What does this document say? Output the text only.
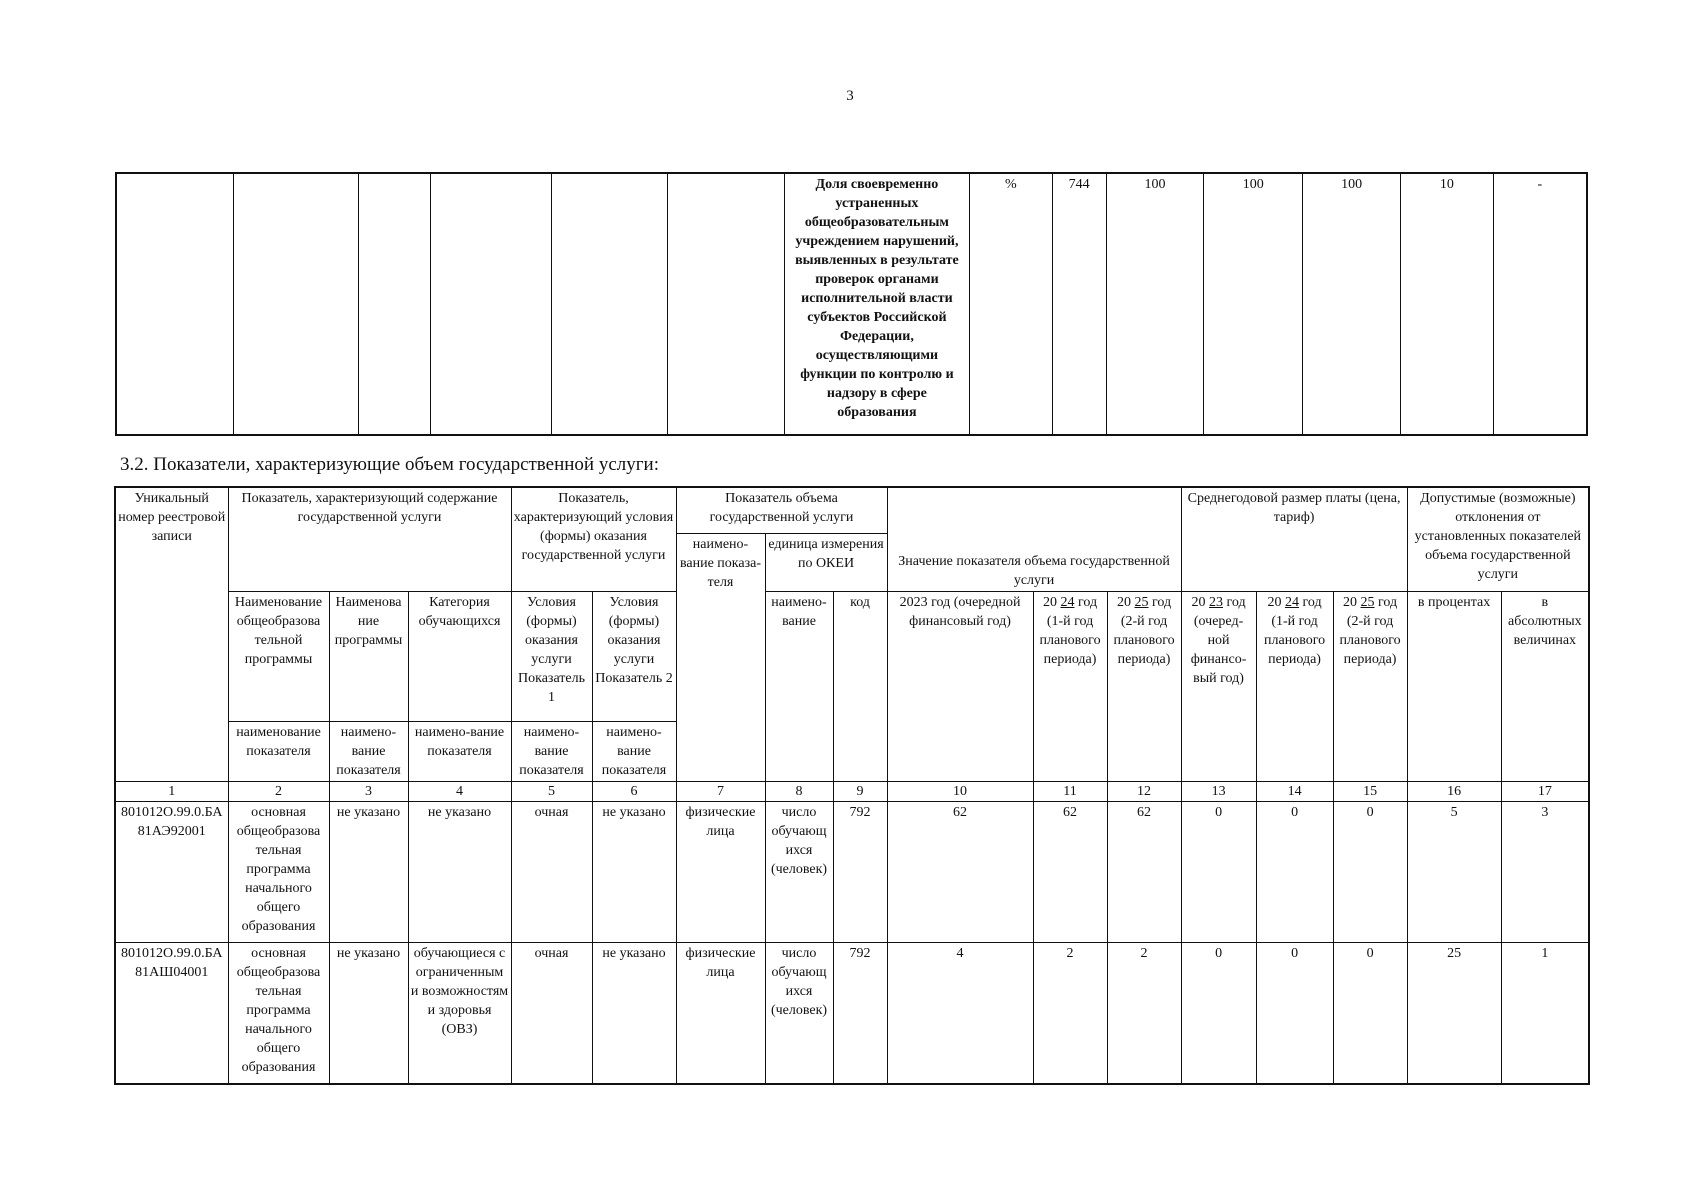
3
						Доля своевременно устраненных общеобразовательным учреждением нарушений, выявленных в результате проверок органами исполнительной власти субъектов Российской Федерации, осуществляющими функции по контролю и надзору в сфере образования	%	744	100	100	100	10	-
3.2. Показатели, характеризующие объем государственной услуги:
Уникальный номер реестровой записи	Показатель, характеризующий содержание государственной услуги			Показатель, характеризующий условия (формы) оказания государственной услуги		Показатель объема государственной услуги			Значение показателя объема государственной услуги			Среднегодовой размер платы (цена, тариф)			Допустимые (возможные) отклонения от установленных показателей объема государственной услуги	
						наимено-вание показа-теля	единица измерения по ОКЕИ									
	Наименование общеобразова тельной программы	Наименова ние программы	Категория обучающихся	Условия (формы) оказания услуги Показатель 1	Условия (формы) оказания услуги Показатель 2				2023 год (очередной финансовый год)	20 24 год (1-й год планового периода)	20 25 год (2-й год планового периода)	20 23 год (очеред-ной финансо-вый год)	20 24 год (1-й год планового периода)	20 25 год (2-й год планового периода)		
							наимено-вание	код							в процентах	в абсолютных величинах
	наименование показателя	наимено-вание показателя	наимено-вание показателя	наимено-вание показателя	наимено-вание показателя											
1	2	3	4	5	6	7	8	9	10	11	12	13	14	15	16	17
801012О.99.0.БА81АЭ92001	основная общеобразова тельная программа начального общего образования	не указано	не указано	очная	не указано	физические лица	число обучающ ихся (человек)	792	62	62	62	0	0	0	5	3
801012О.99.0.БА81АШ04001	основная общеобразова тельная программа начального общего образования	не указано	обучающиеся с ограниченным и возможностям и здоровья (ОВЗ)	очная	не указано	физические лица	число обучающ ихся (человек)	792	4	2	2	0	0	0	25	1
